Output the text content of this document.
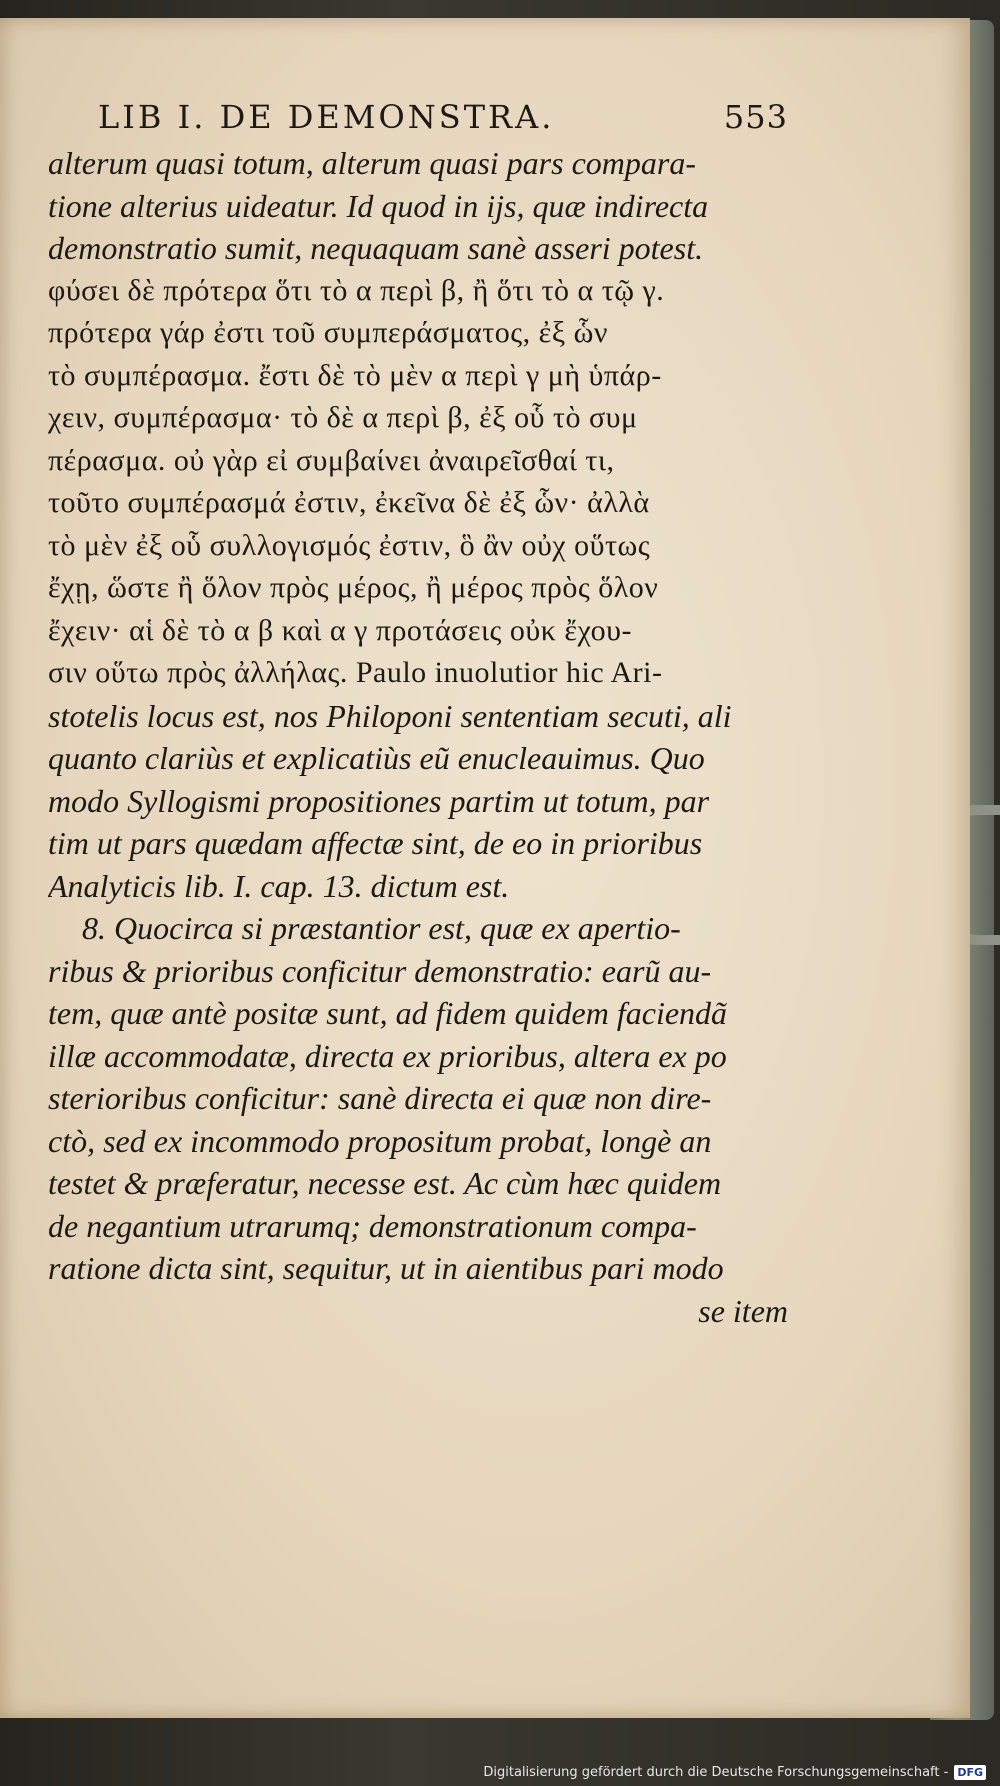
LIB I. DE DEMONSTRA.	553
alterum quasi totum, alterum quasi pars compara-
tione alterius uideatur. Id quod in ijs, quæ indirecta
demonstratio sumit, nequaquam sanè asseri potest.
φύσει δὲ πρότερα ὅτι τὸ α περὶ β, ἢ ὅτι τὸ α τῷ γ.
πρότερα γάρ ἐστι τοῦ συμπεράσματος, ἐξ ὧν
τὸ συμπέρασμα. ἔστι δὲ τὸ μὲν α περὶ γ μὴ ὑπάρ-
χειν, συμπέρασμα· τὸ δὲ α περὶ β, ἐξ οὗ τὸ συμ
πέρασμα. οὐ γὰρ εἰ συμβαίνει ἀναιρεῖσθαί τι,
τοῦτο συμπέρασμά ἐστιν, ἐκεῖνα δὲ ἐξ ὧν· ἀλλὰ
τὸ μὲν ἐξ οὗ συλλογισμός ἐστιν, ὃ ἂν οὐχ οὕτως
ἔχῃ, ὥστε ἢ ὅλον πρὸς μέρος, ἢ μέρος πρὸς ὅλον
ἔχειν· αἱ δὲ τὸ α β καὶ α γ προτάσεις οὐκ ἔχου-
σιν οὕτω πρὸς ἀλλήλας. Paulo inuolutior hic Ari-
stotelis locus est, nos Philoponi sententiam secuti, ali
quanto clariùs et explicatiùs eũ enucleauimus. Quo
modo Syllogismi propositiones partim ut totum, par
tim ut pars quædam affectæ sint, de eo in prioribus
Analyticis lib. I. cap. 13. dictum est.
8. Quocirca si præstantior est, quæ ex apertio-
ribus & prioribus conficitur demonstratio: earũ au-
tem, quæ antè positæ sunt, ad fidem quidem faciendã
illæ accommodatæ, directa ex prioribus, altera ex po
sterioribus conficitur: sanè directa ei quæ non dire-
ctò, sed ex incommodo propositum probat, longè an
testet & præferatur, necesse est. Ac cùm hæc quidem
de negantium utrarumq; demonstrationum compa-
ratione dicta sint, sequitur, ut in aientibus pari modo
se item
Digitalisierung gefördert durch die Deutsche Forschungsgemeinschaft - DFG
